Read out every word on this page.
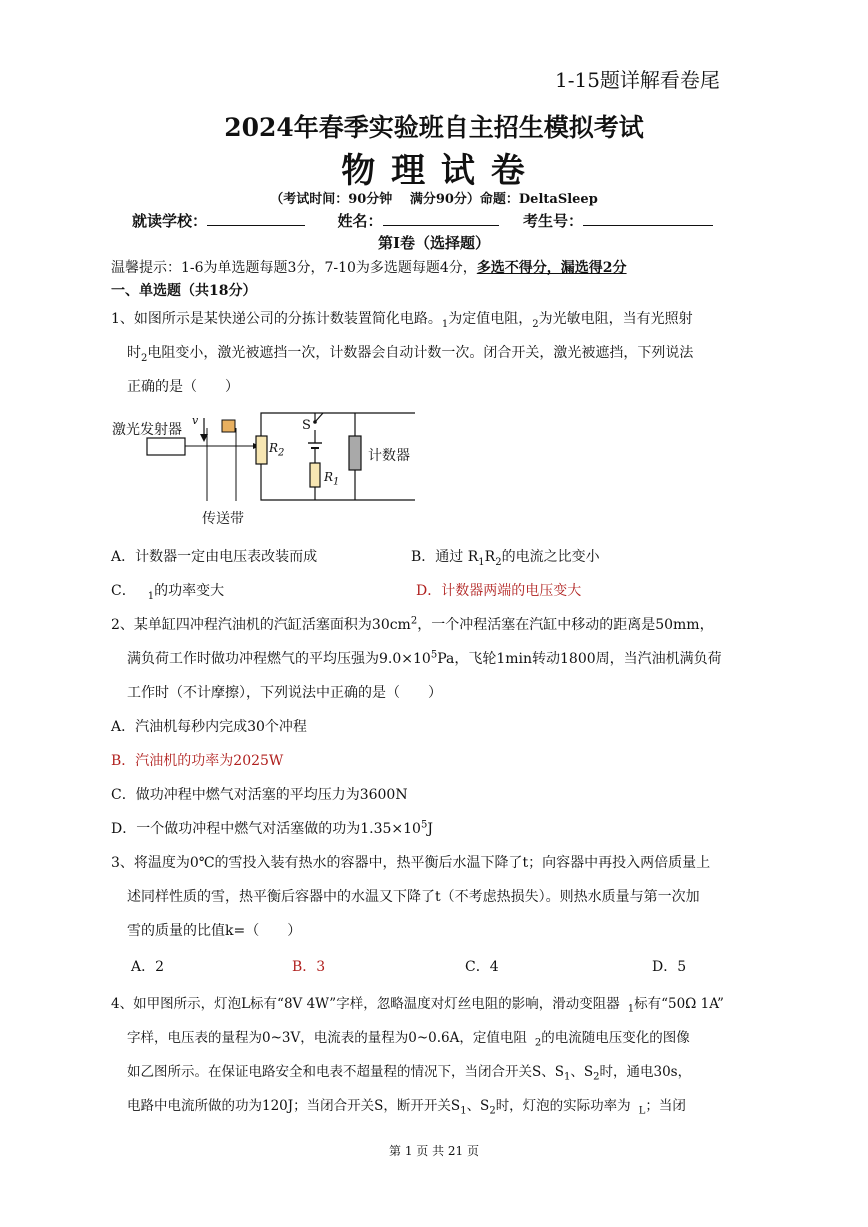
1-15题详解看卷尾
2024年春季实验班自主招生模拟考试
物 理 试 卷
（考试时间：90分钟　 满分90分）命题：DeltaSleep
就读学校：	姓名：	考生号：
第Ⅰ卷（选择题）
温馨提示：1-6为单选题每题3分，7-10为多选题每题4分，多选不得分，漏选得2分
一、单选题（共18分）
1、如图所示是某快递公司的分拣计数装置简化电路。$_1$为定值电阻，$_2$为光敏电阻，当有光照射
时$_2$电阻变小，激光被遮挡一次，计数器会自动计数一次。闭合开关，激光被遮挡，下列说法
正确的是（　　）
激光发射器
v
传送带
$R_2$
S
$R_1$
计数器
A．计数器一定由电压表改装而成	B．通过 $R_1R_2$的电流之比变小
C． $_1$的功率变大	D．计数器两端的电压变大
2、某单缸四冲程汽油机的汽缸活塞面积为$30cm^2$，一个冲程活塞在汽缸中移动的距离是50mm，
满负荷工作时做功冲程燃气的平均压强为$9.0\times 10^5Pa$，飞轮1min转动1800周，当汽油机满负荷
工作时（不计摩擦），下列说法中正确的是（　　）
A．汽油机每秒内完成30个冲程
B．汽油机的功率为2025W
C．做功冲程中燃气对活塞的平均压力为3600N
D．一个做功冲程中燃气对活塞做的功为$1.35\times 10^5J$
3、将温度为0℃的雪投入装有热水的容器中，热平衡后水温下降了t；向容器中再投入两倍质量上
述同样性质的雪，热平衡后容器中的水温又下降了t（不考虑热损失）。则热水质量与第一次加
雪的质量的比值k=（　　）
A．2	B．3	C．4	D．5
4、如甲图所示，灯泡L标有“8V 4W”字样，忽略温度对灯丝电阻的影响，滑动变阻器 $_1$标有“50Ω 1A”
字样，电压表的量程为0~3V，电流表的量程为0~0.6A，定值电阻 $_2$的电流随电压变化的图像
如乙图所示。在保证电路安全和电表不超量程的情况下，当闭合开关S、$S_1$、$S_2$时，通电30s，
电路中电流所做的功为120J；当闭合开关S，断开开关$S_1$、$S_2$时，灯泡的实际功率为 $_L$；当闭
第 1 页 共 21 页
